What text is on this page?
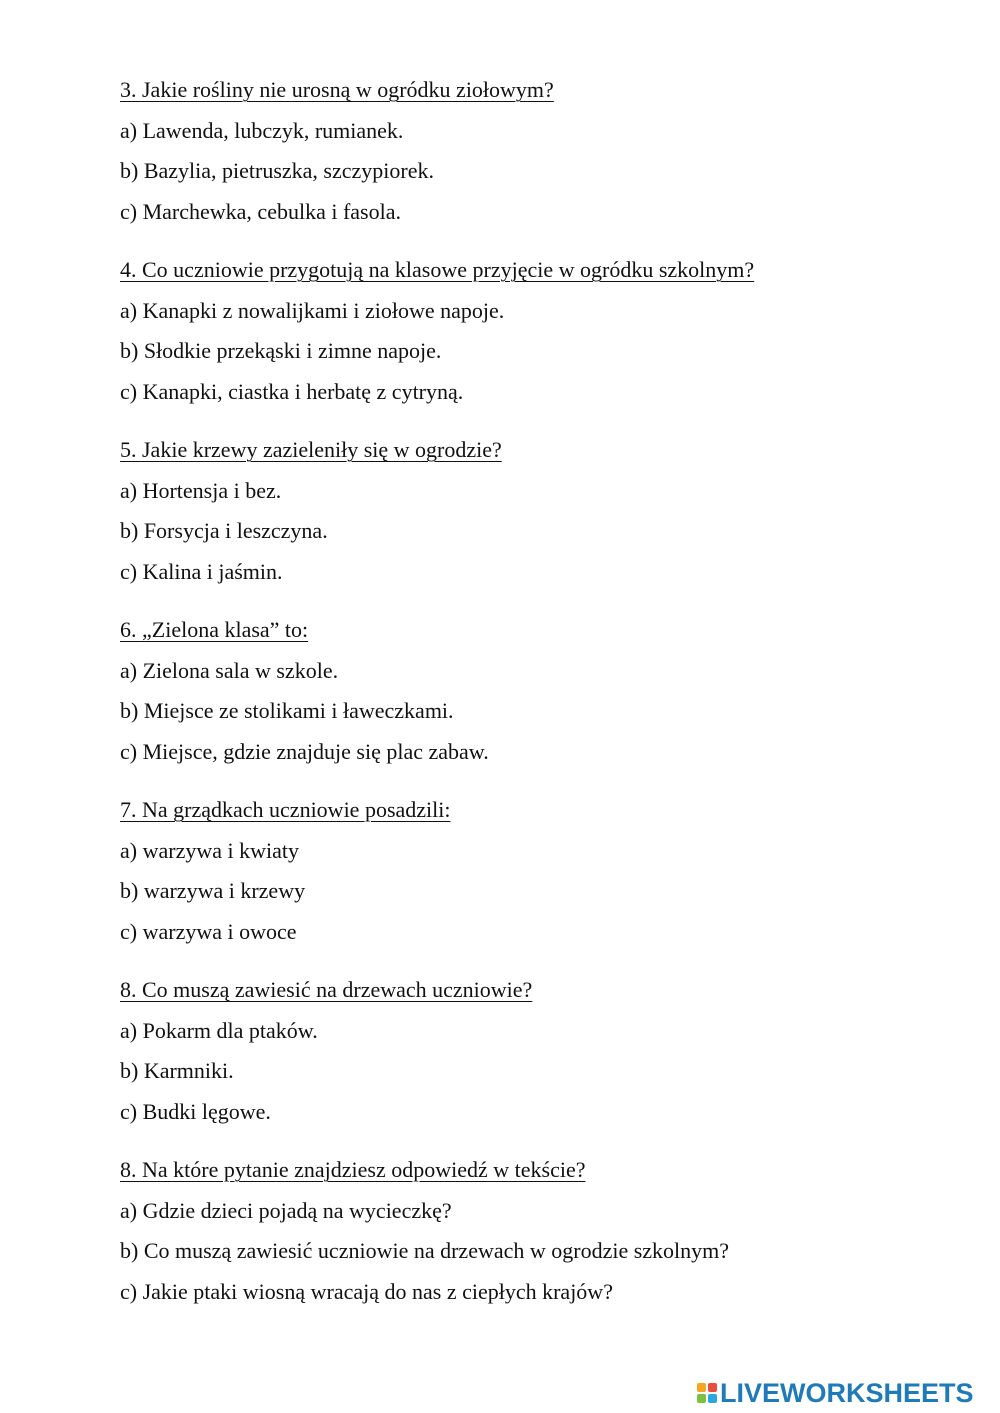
3. Jakie rośliny nie urosną w ogródku ziołowym?
a) Lawenda, lubczyk, rumianek.
b) Bazylia, pietruszka, szczypiorek.
c) Marchewka, cebulka i fasola.
4. Co uczniowie przygotują na klasowe przyjęcie w ogródku szkolnym?
a) Kanapki z nowalijkami i ziołowe napoje.
b) Słodkie przekąski i zimne napoje.
c) Kanapki, ciastka i herbatę z cytryną.
5. Jakie krzewy zazieleniły się w ogrodzie?
a) Hortensja i bez.
b) Forsycja i leszczyna.
c) Kalina i jaśmin.
6. „Zielona klasa” to:
a) Zielona sala w szkole.
b) Miejsce ze stolikami i ławeczkami.
c) Miejsce, gdzie znajduje się plac zabaw.
7. Na grządkach uczniowie posadzili:
a) warzywa i kwiaty
b) warzywa i krzewy
c) warzywa i owoce
8. Co muszą zawiesić na drzewach uczniowie?
a) Pokarm dla ptaków.
b) Karmniki.
c) Budki lęgowe.
8. Na które pytanie znajdziesz odpowiedź w tekście?
a) Gdzie dzieci pojadą na wycieczkę?
b) Co muszą zawiesić uczniowie na drzewach w ogrodzie szkolnym?
c) Jakie ptaki wiosną wracają do nas z ciepłych krajów?
LIVEWORKSHEETS
